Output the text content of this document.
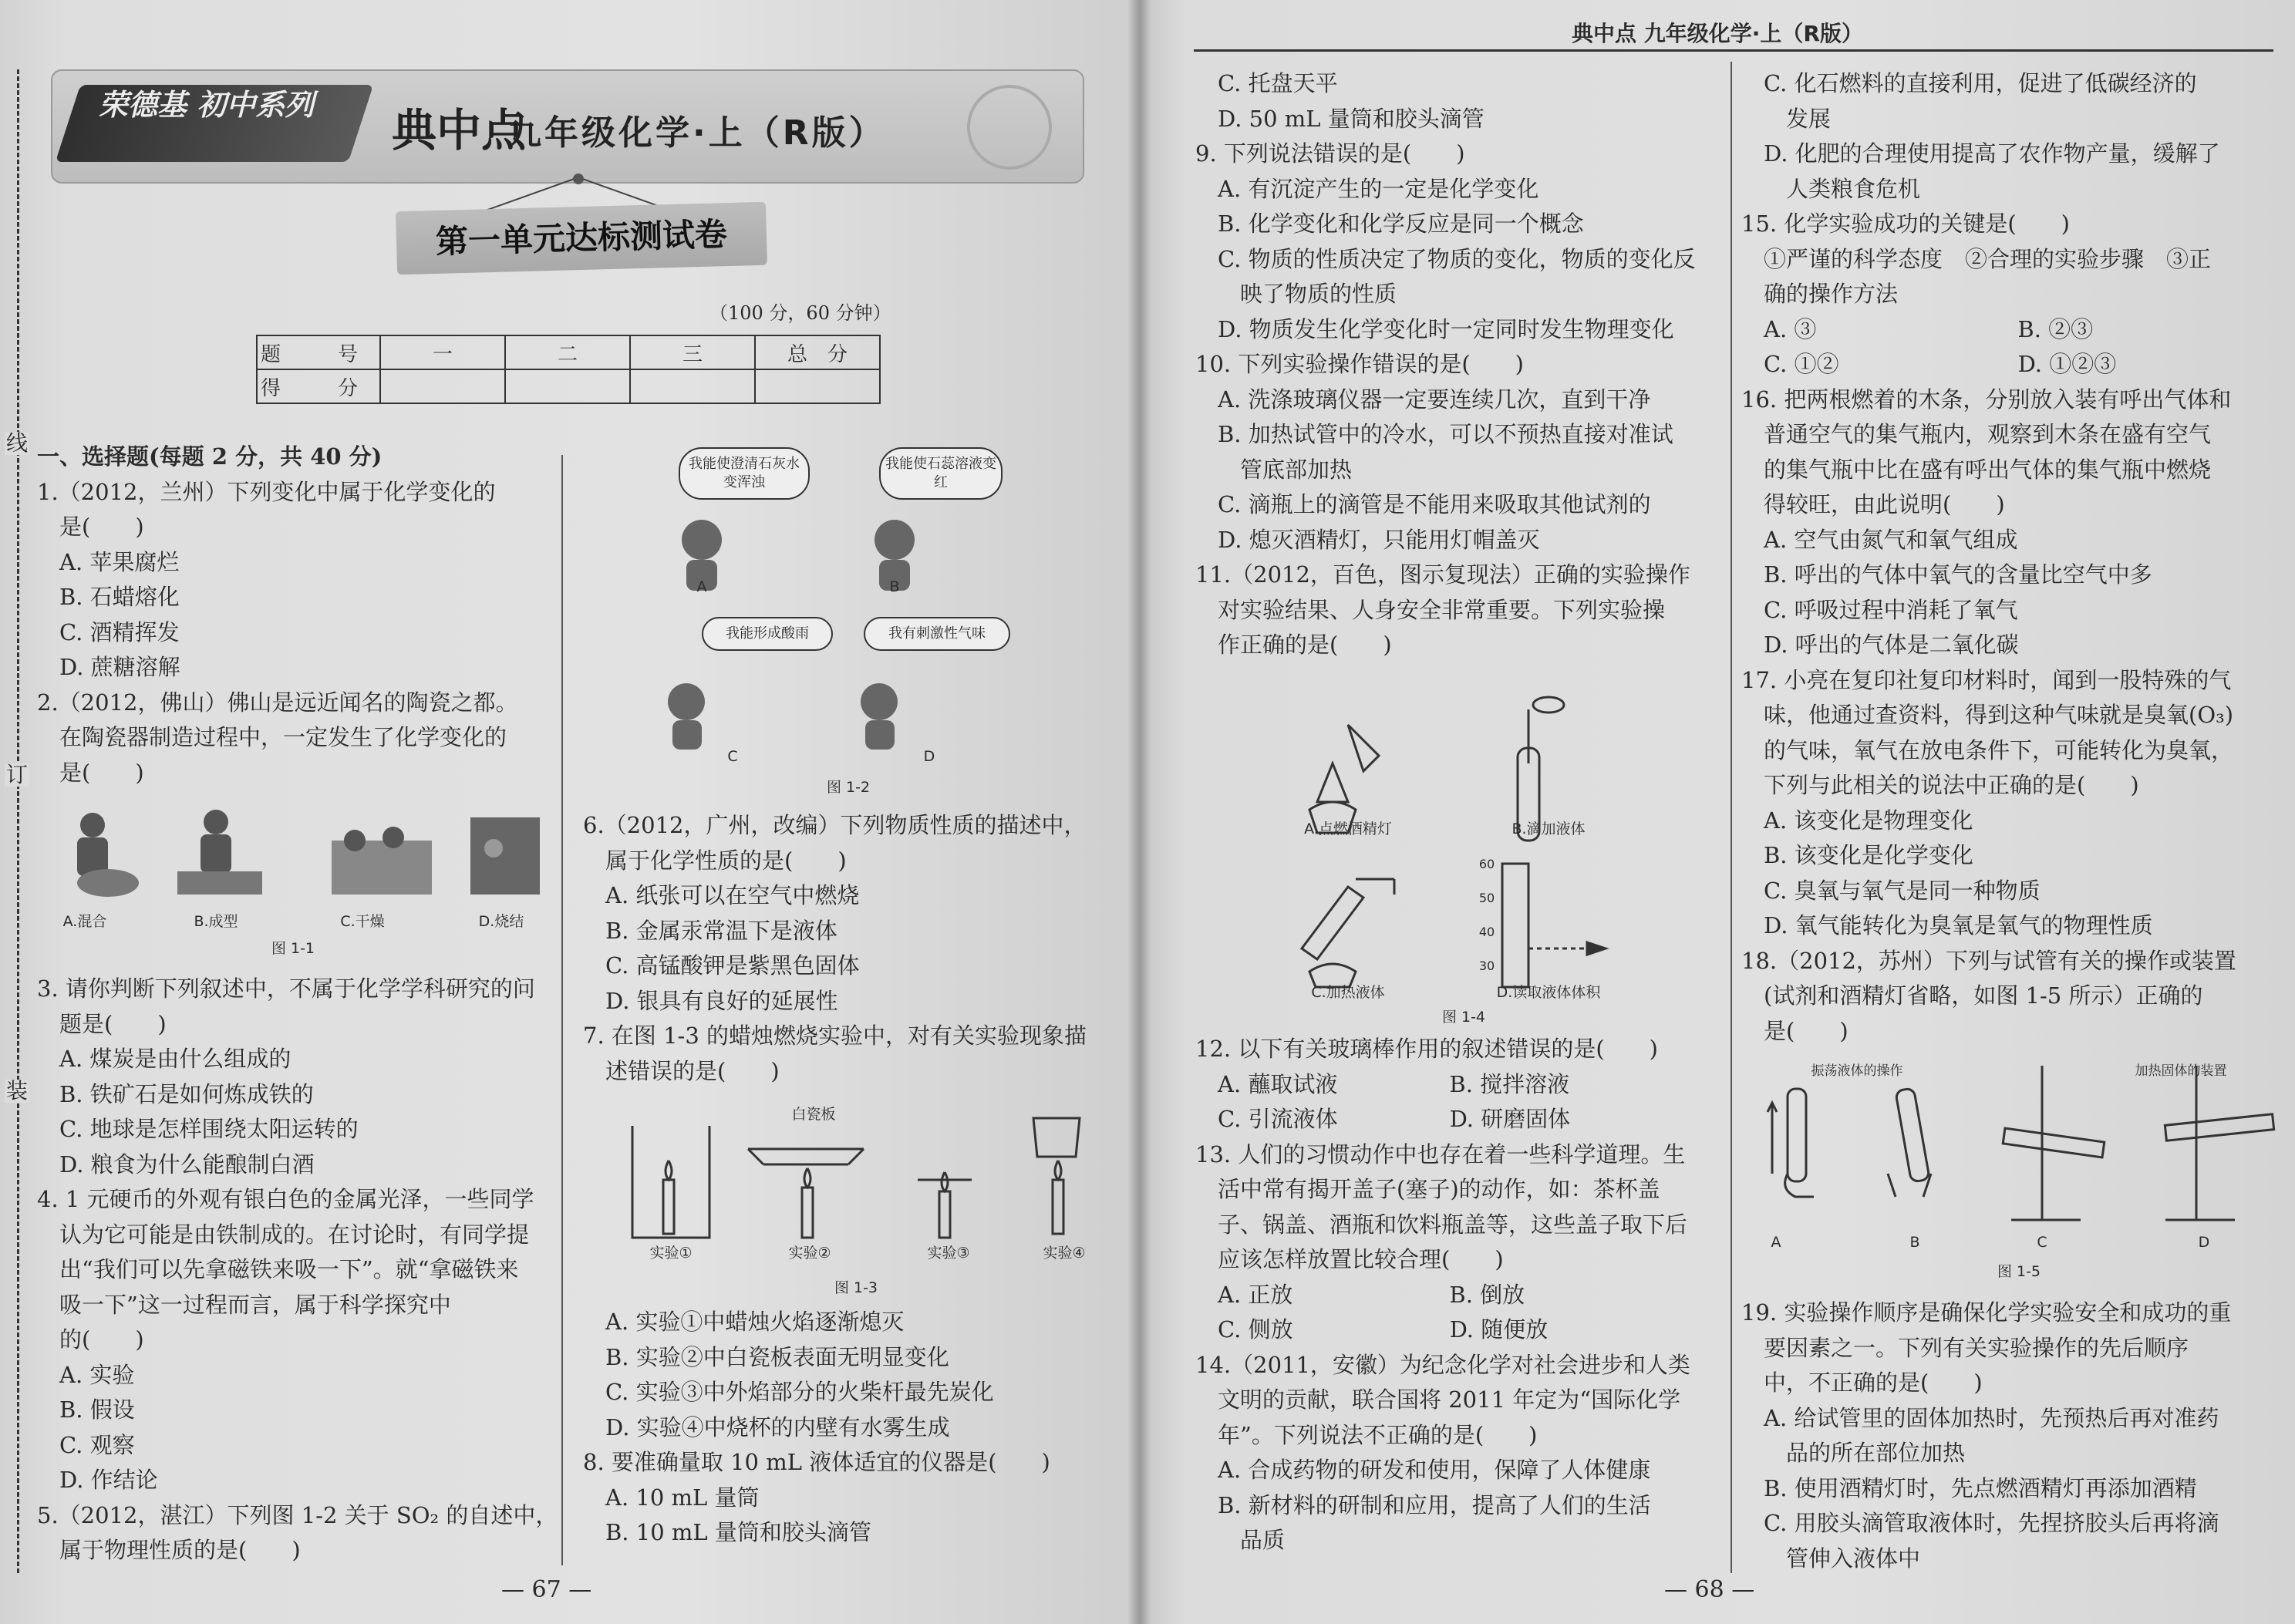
线
订
装
荣德基 初中系列 典中点
九年级化学·上（R版）
第一单元达标测试卷
（100 分，60 分钟）
题　号	一	二	三	总　分
得　分				

一、选择题(每题 2 分，共 40 分)

1.（2012，兰州）下列变化中属于化学变化的

　是(　　)

　A. 苹果腐烂

　B. 石蜡熔化

　C. 酒精挥发

　D. 蔗糖溶解

2.（2012，佛山）佛山是远近闻名的陶瓷之都。

　在陶瓷器制造过程中，一定发生了化学变化的

　是(　　)

A.混合	B.成型	C.干燥	D.烧结
图 1-1

3. 请你判断下列叙述中，不属于化学学科研究的问

　题是(　　)

　A. 煤炭是由什么组成的

　B. 铁矿石是如何炼成铁的

　C. 地球是怎样围绕太阳运转的

　D. 粮食为什么能酿制白酒

4. 1 元硬币的外观有银白色的金属光泽，一些同学

　认为它可能是由铁制成的。在讨论时，有同学提

　出“我们可以先拿磁铁来吸一下”。就“拿磁铁来

　吸一下”这一过程而言，属于科学探究中

　的(　　)

　A. 实验

　B. 假设

　C. 观察

　D. 作结论

5.（2012，湛江）下列图 1-2 关于 SO₂ 的自述中，

　属于物理性质的是(　　)

我能使澄清石灰水变浑浊
我能使石蕊溶液变红
我能形成酸雨	我有刺激性气味
A	B
C	D
图 1-2

6.（2012，广州，改编）下列物质性质的描述中，

　属于化学性质的是(　　)

　A. 纸张可以在空气中燃烧

　B. 金属汞常温下是液体

　C. 高锰酸钾是紫黑色固体

　D. 银具有良好的延展性

7. 在图 1-3 的蜡烛燃烧实验中，对有关实验现象描

　述错误的是(　　)

白瓷板
实验①	实验②	实验③	实验④
图 1-3

　A. 实验①中蜡烛火焰逐渐熄灭

　B. 实验②中白瓷板表面无明显变化

　C. 实验③中外焰部分的火柴杆最先炭化

　D. 实验④中烧杯的内壁有水雾生成

8. 要准确量取 10 mL 液体适宜的仪器是(　　)

　A. 10 mL 量筒

　B. 10 mL 量筒和胶头滴管

— 67 —
典中点 九年级化学·上（R版）

　C. 托盘天平

　D. 50 mL 量筒和胶头滴管

9. 下列说法错误的是(　　)

　A. 有沉淀产生的一定是化学变化

　B. 化学变化和化学反应是同一个概念

　C. 物质的性质决定了物质的变化，物质的变化反

　　映了物质的性质

　D. 物质发生化学变化时一定同时发生物理变化

10. 下列实验操作错误的是(　　)

　A. 洗涤玻璃仪器一定要连续几次，直到干净

　B. 加热试管中的冷水，可以不预热直接对准试

　　管底部加热

　C. 滴瓶上的滴管是不能用来吸取其他试剂的

　D. 熄灭酒精灯，只能用灯帽盖灭

11.（2012，百色，图示复现法）正确的实验操作

　对实验结果、人身安全非常重要。下列实验操

　作正确的是(　　)

60
50
40
30
A.点燃酒精灯	B.滴加液体
C.加热液体	D.读取液体体积
图 1-4

12. 以下有关玻璃棒作用的叙述错误的是(　　)

　A. 蘸取试液　　　　　B. 搅拌溶液

　C. 引流液体　　　　　D. 研磨固体

13. 人们的习惯动作中也存在着一些科学道理。生

　活中常有揭开盖子(塞子)的动作，如：茶杯盖

　子、锅盖、酒瓶和饮料瓶盖等，这些盖子取下后

　应该怎样放置比较合理(　　)

　A. 正放　　　　　　　B. 倒放

　C. 侧放　　　　　　　D. 随便放

14.（2011，安徽）为纪念化学对社会进步和人类

　文明的贡献，联合国将 2011 年定为“国际化学

　年”。下列说法不正确的是(　　)

　A. 合成药物的研发和使用，保障了人体健康

　B. 新材料的研制和应用，提高了人们的生活

　　品质

　C. 化石燃料的直接利用，促进了低碳经济的

　　发展

　D. 化肥的合理使用提高了农作物产量，缓解了

　　人类粮食危机

15. 化学实验成功的关键是(　　)

　①严谨的科学态度　②合理的实验步骤　③正

　确的操作方法

　A. ③　　　　　　　　　B. ②③

　C. ①②　　　　　　　　D. ①②③

16. 把两根燃着的木条，分别放入装有呼出气体和

　普通空气的集气瓶内，观察到木条在盛有空气

　的集气瓶中比在盛有呼出气体的集气瓶中燃烧

　得较旺，由此说明(　　)

　A. 空气由氮气和氧气组成

　B. 呼出的气体中氧气的含量比空气中多

　C. 呼吸过程中消耗了氧气

　D. 呼出的气体是二氧化碳

17. 小亮在复印社复印材料时，闻到一股特殊的气

　味，他通过查资料，得到这种气味就是臭氧(O₃)

　的气味，氧气在放电条件下，可能转化为臭氧，

　下列与此相关的说法中正确的是(　　)

　A. 该变化是物理变化

　B. 该变化是化学变化

　C. 臭氧与氧气是同一种物质

　D. 氧气能转化为臭氧是氧气的物理性质

18.（2012，苏州）下列与试管有关的操作或装置

　(试剂和酒精灯省略，如图 1-5 所示）正确的

　是(　　)

振荡液体的操作	加热固体的装置
A	B	C	D
图 1-5

19. 实验操作顺序是确保化学实验安全和成功的重

　要因素之一。下列有关实验操作的先后顺序

　中，不正确的是(　　)

　A. 给试管里的固体加热时，先预热后再对准药

　　品的所在部位加热

　B. 使用酒精灯时，先点燃酒精灯再添加酒精

　C. 用胶头滴管取液体时，先捏挤胶头后再将滴

　　管伸入液体中

— 68 —
